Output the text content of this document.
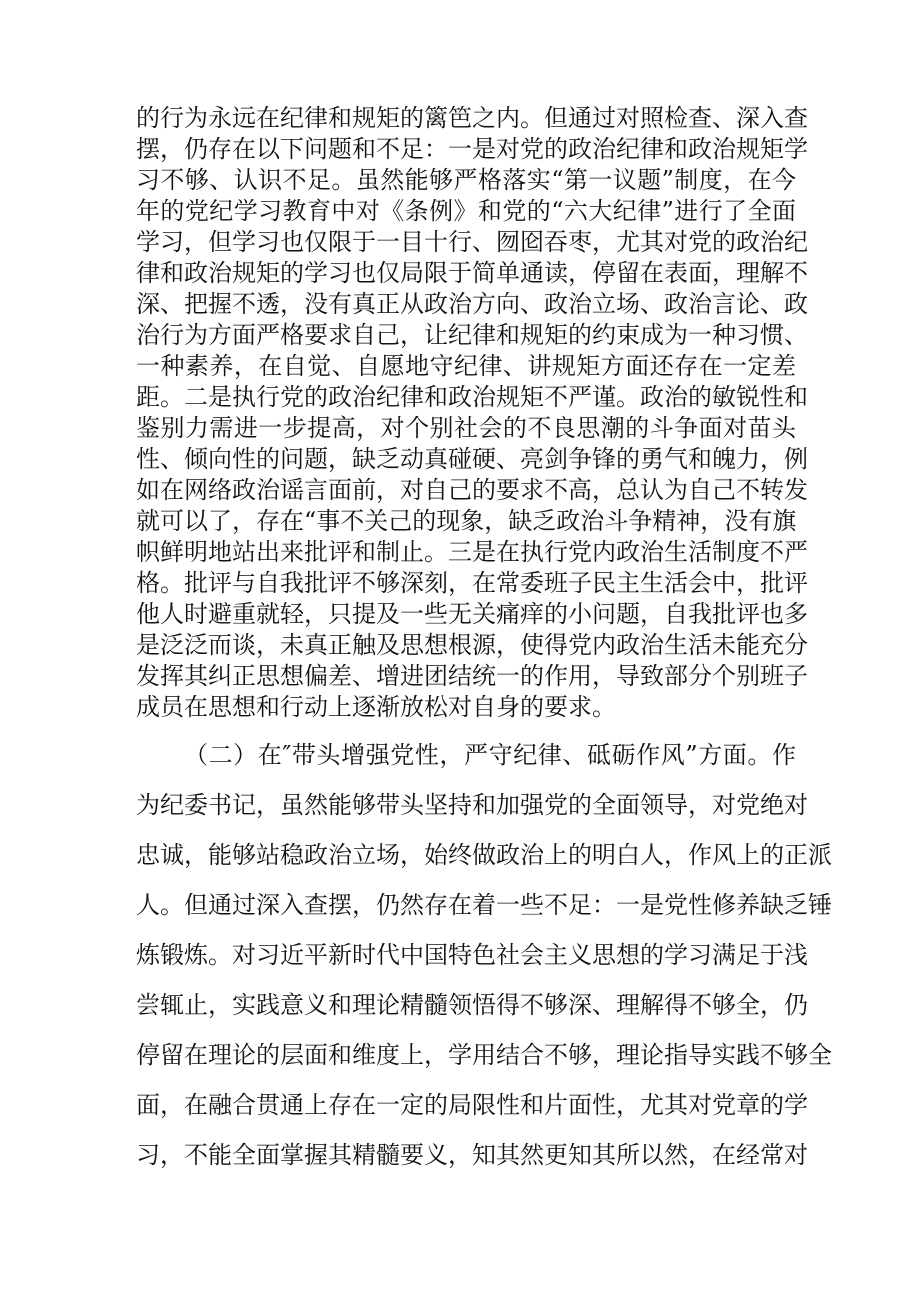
的行为永远在纪律和规矩的篱笆之内。但通过对照检查、深入查

摆，仍存在以下问题和不足：一是对党的政治纪律和政治规矩学

习不够、认识不足。虽然能够严格落实“第一议题”制度，在今

年的党纪学习教育中对《条例》和党的“六大纪律”进行了全面

学习，但学习也仅限于一目十行、囫囵吞枣，尤其对党的政治纪

律和政治规矩的学习也仅局限于简单通读，停留在表面，理解不

深、把握不透，没有真正从政治方向、政治立场、政治言论、政

治行为方面严格要求自己，让纪律和规矩的约束成为一种习惯、

一种素养，在自觉、自愿地守纪律、讲规矩方面还存在一定差

距。二是执行党的政治纪律和政治规矩不严谨。政治的敏锐性和

鉴别力需进一步提高，对个别社会的不良思潮的斗争面对苗头

性、倾向性的问题，缺乏动真碰硬、亮剑争锋的勇气和魄力，例

如在网络政治谣言面前，对自己的要求不高，总认为自己不转发

就可以了，存在“事不关己的现象，缺乏政治斗争精神，没有旗

帜鲜明地站出来批评和制止。三是在执行党内政治生活制度不严

格。批评与自我批评不够深刻，在常委班子民主生活会中，批评

他人时避重就轻，只提及一些无关痛痒的小问题，自我批评也多

是泛泛而谈，未真正触及思想根源，使得党内政治生活未能充分

发挥其纠正思想偏差、增进团结统一的作用，导致部分个别班子

成员在思想和行动上逐渐放松对自身的要求。

（二）在″带头增强党性，严守纪律、砥砺作风”方面。作

为纪委书记，虽然能够带头坚持和加强党的全面领导，对党绝对

忠诚，能够站稳政治立场，始终做政治上的明白人，作风上的正派

人。但通过深入查摆，仍然存在着一些不足：一是党性修养缺乏锤

炼锻炼。对习近平新时代中国特色社会主义思想的学习满足于浅

尝辄止，实践意义和理论精髓领悟得不够深、理解得不够全，仍

停留在理论的层面和维度上，学用结合不够，理论指导实践不够全

面，在融合贯通上存在一定的局限性和片面性，尤其对党章的学

习，不能全面掌握其精髓要义，知其然更知其所以然，在经常对
